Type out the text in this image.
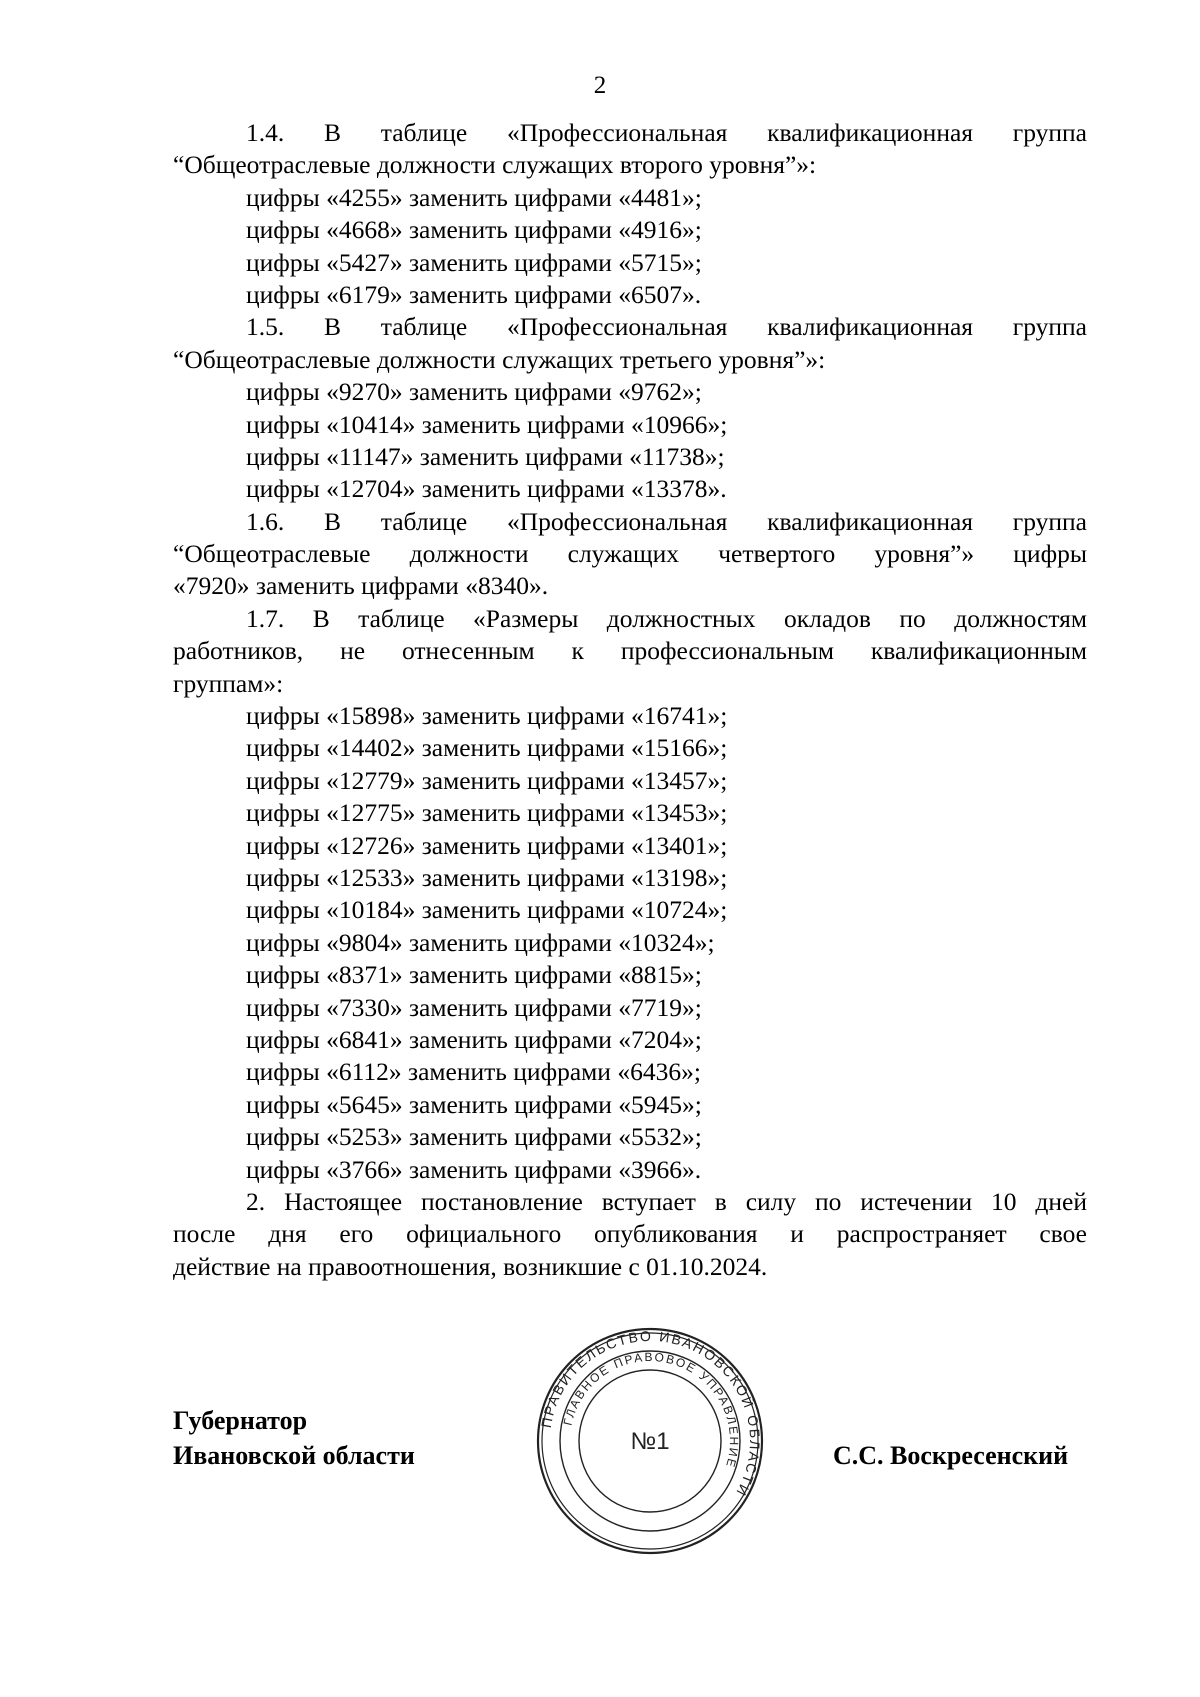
2
1.4. В таблице «Профессиональная квалификационная группа
“Общеотраслевые должности служащих второго уровня”»:
цифры «4255» заменить цифрами «4481»;
цифры «4668» заменить цифрами «4916»;
цифры «5427» заменить цифрами «5715»;
цифры «6179» заменить цифрами «6507».
1.5. В таблице «Профессиональная квалификационная группа
“Общеотраслевые должности служащих третьего уровня”»:
цифры «9270» заменить цифрами «9762»;
цифры «10414» заменить цифрами «10966»;
цифры «11147» заменить цифрами «11738»;
цифры «12704» заменить цифрами «13378».
1.6. В таблице «Профессиональная квалификационная группа
“Общеотраслевые должности служащих четвертого уровня”» цифры
«7920» заменить цифрами «8340».
1.7. В таблице «Размеры должностных окладов по должностям
работников, не отнесенным к профессиональным квалификационным
группам»:
цифры «15898» заменить цифрами «16741»;
цифры «14402» заменить цифрами «15166»;
цифры «12779» заменить цифрами «13457»;
цифры «12775» заменить цифрами «13453»;
цифры «12726» заменить цифрами «13401»;
цифры «12533» заменить цифрами «13198»;
цифры «10184» заменить цифрами «10724»;
цифры «9804» заменить цифрами «10324»;
цифры «8371» заменить цифрами «8815»;
цифры «7330» заменить цифрами «7719»;
цифры «6841» заменить цифрами «7204»;
цифры «6112» заменить цифрами «6436»;
цифры «5645» заменить цифрами «5945»;
цифры «5253» заменить цифрами «5532»;
цифры «3766» заменить цифрами «3966».
2. Настоящее постановление вступает в силу по истечении 10 дней
после дня его официального опубликования и распространяет свое
действие на правоотношения, возникшие с 01.10.2024.
Губернатор
Ивановской области
ПРАВИТЕЛЬСТВО ИВАНОВСКОЙ ОБЛАСТИ
ГЛАВНОЕ ПРАВОВОЕ УПРАВЛЕНИЕ
№1	С.С. Воскресенский
